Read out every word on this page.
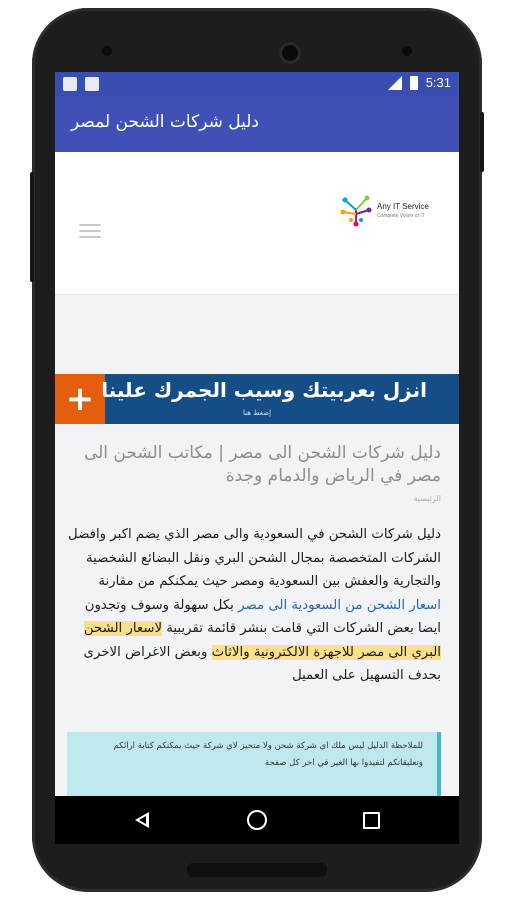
5:31
دليل شركات الشحن لمصر
Any IT Service
Complete Vision of IT
+ انزل بعربيتك وسيب الجمرك علينا
إضغط هنا
دليل شركات الشحن الى مصر | مكاتب الشحن الى مصر في الرياض والدمام وجدة
الرئيسية
دليل شركات الشحن في السعودية والى مصر الذي يضم اكبر وافضل الشركات المتخصصة بمجال الشحن البري ونقل البضائع الشخصية والتجارية والعفش بين السعودية ومصر حيث يمكنكم من مقارنة اسعار الشحن من السعودية الى مصر بكل سهولة وسوف وتجدون ايضا بعض الشركات التي قامت بنشر قائمة تقريبية لاسعار الشحن البري الى مصر للاجهزة الالكترونية والاثاث وبعض الاغراض الاخرى بحدف التسهيل على العميل
للملاحظة الدليل ليس ملك اي شركة شحن ولا متحيز لاي شركة حيث يمكنكم كتابة ارائكم وتعليقاتكم لتفيدوا بها الغير في اخر كل صفحة
